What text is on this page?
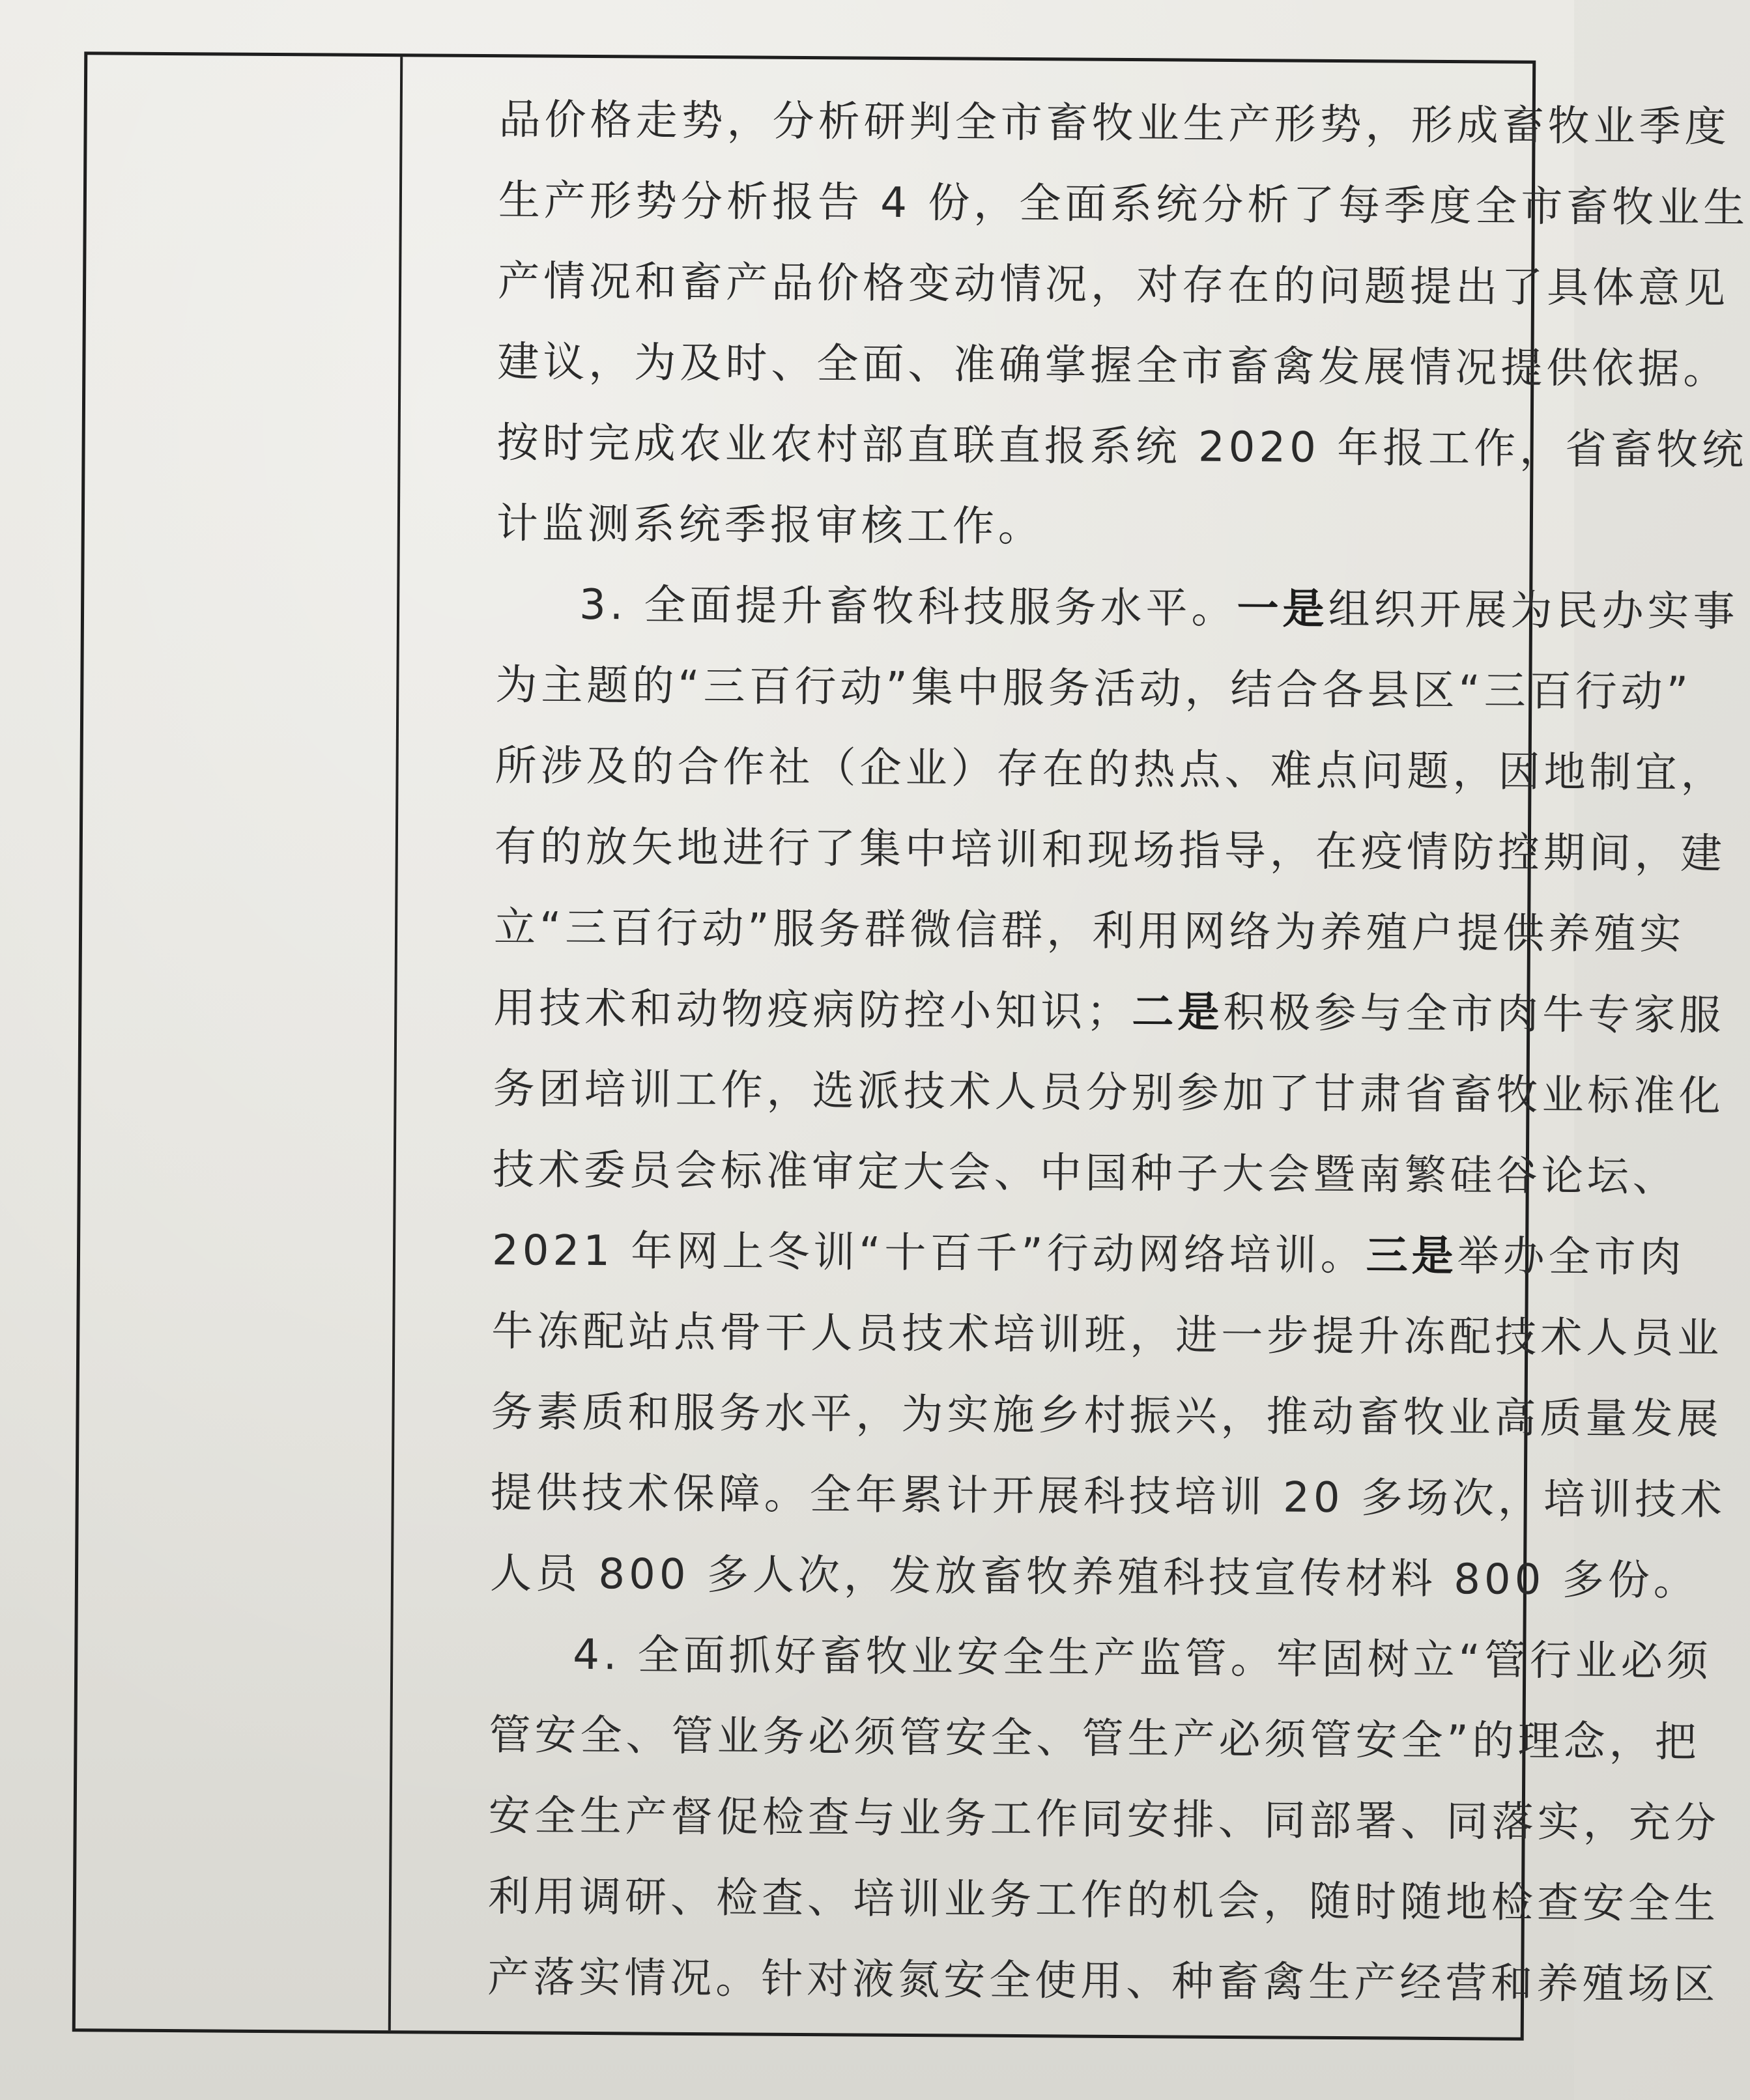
品价格走势，分析研判全市畜牧业生产形势，形成畜牧业季度
生产形势分析报告 4 份，全面系统分析了每季度全市畜牧业生
产情况和畜产品价格变动情况，对存在的问题提出了具体意见
建议，为及时、全面、准确掌握全市畜禽发展情况提供依据。
按时完成农业农村部直联直报系统 2020 年报工作，省畜牧统
计监测系统季报审核工作。
3. 全面提升畜牧科技服务水平。一是组织开展为民办实事
为主题的“三百行动”集中服务活动，结合各县区“三百行动”
所涉及的合作社（企业）存在的热点、难点问题，因地制宜，
有的放矢地进行了集中培训和现场指导，在疫情防控期间，建
立“三百行动”服务群微信群，利用网络为养殖户提供养殖实
用技术和动物疫病防控小知识；二是积极参与全市肉牛专家服
务团培训工作，选派技术人员分别参加了甘肃省畜牧业标准化
技术委员会标准审定大会、中国种子大会暨南繁硅谷论坛、
2021 年网上冬训“十百千”行动网络培训。三是举办全市肉
牛冻配站点骨干人员技术培训班，进一步提升冻配技术人员业
务素质和服务水平，为实施乡村振兴，推动畜牧业高质量发展
提供技术保障。全年累计开展科技培训 20 多场次，培训技术
人员 800 多人次，发放畜牧养殖科技宣传材料 800 多份。
4. 全面抓好畜牧业安全生产监管。牢固树立“管行业必须
管安全、管业务必须管安全、管生产必须管安全”的理念，把
安全生产督促检查与业务工作同安排、同部署、同落实，充分
利用调研、检查、培训业务工作的机会，随时随地检查安全生
产落实情况。针对液氮安全使用、种畜禽生产经营和养殖场区
